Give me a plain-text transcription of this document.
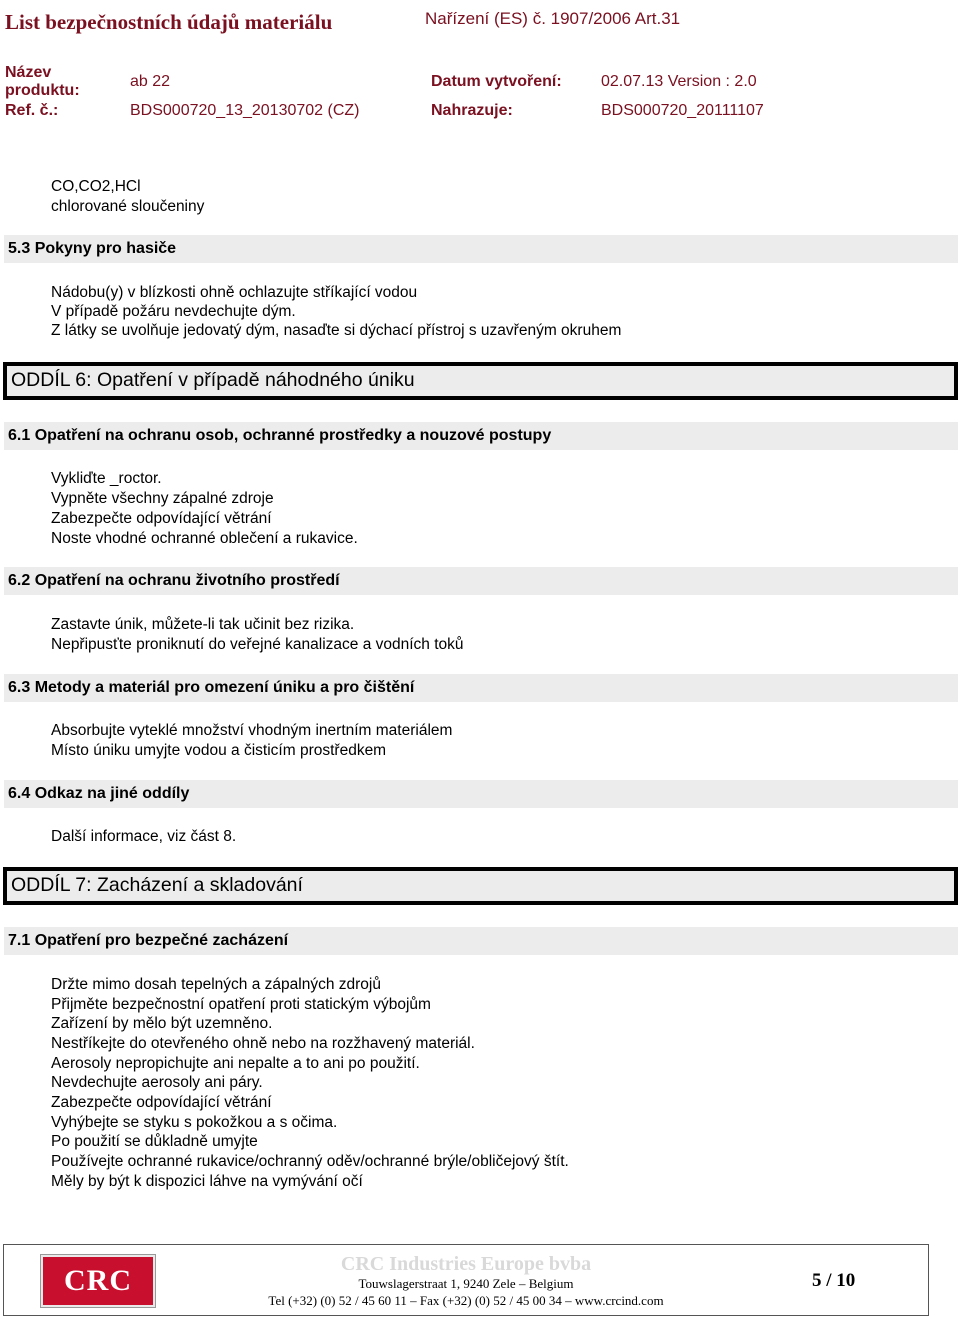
List bezpečnostních údajů materiálu	Nařízení (ES) č. 1907/2006 Art.31
Název
produktu:
ab 22	Datum vytvoření: 02.07.13 Version : 2.0
Ref. č.:	BDS000720_13_20130702 (CZ)	Nahrazuje:	BDS000720_20111107
CO,CO2,HCl
chlorované sloučeniny
5.3 Pokyny pro hasiče
Nádobu(y) v blízkosti ohně ochlazujte stříkající vodou
V případě požáru nevdechujte dým.
Z látky se uvolňuje jedovatý dým, nasaďte si dýchací přístroj s uzavřeným okruhem
ODDÍL 6: Opatření v případě náhodného úniku
6.1 Opatření na ochranu osob, ochranné prostředky a nouzové postupy
Vykliďte _roctor.
Vypněte všechny zápalné zdroje
Zabezpečte odpovídající větrání
Noste vhodné ochranné oblečení a rukavice.
6.2 Opatření na ochranu životního prostředí
Zastavte únik, můžete-li tak učinit bez rizika.
Nepřipusťte proniknutí do veřejné kanalizace a vodních toků
6.3 Metody a materiál pro omezení úniku a pro čištění
Absorbujte vyteklé množství vhodným inertním materiálem
Místo úniku umyjte vodou a čisticím prostředkem
6.4 Odkaz na jiné oddíly
Další informace, viz část 8.
ODDÍL 7: Zacházení a skladování
7.1 Opatření pro bezpečné zacházení
Držte mimo dosah tepelných a zápalných zdrojů
Přijměte bezpečnostní opatření proti statickým výbojům
Zařízení by mělo být uzemněno.
Nestříkejte do otevřeného ohně nebo na rozžhavený materiál.
Aerosoly nepropichujte ani nepalte a to ani po použití.
Nevdechujte aerosoly ani páry.
Zabezpečte odpovídající větrání
Vyhýbejte se styku s pokožkou a s očima.
Po použití se důkladně umyjte
Používejte ochranné rukavice/ochranný oděv/ochranné brýle/obličejový štít.
Měly by být k dispozici láhve na vymývání očí
CRC	CRC Industries Europe bvba
Touwslagerstraat 1, 9240 Zele – Belgium
Tel (+32) (0) 52 / 45 60 11 – Fax (+32) (0) 52 / 45 00 34 – www.crcind.com
5 / 10
